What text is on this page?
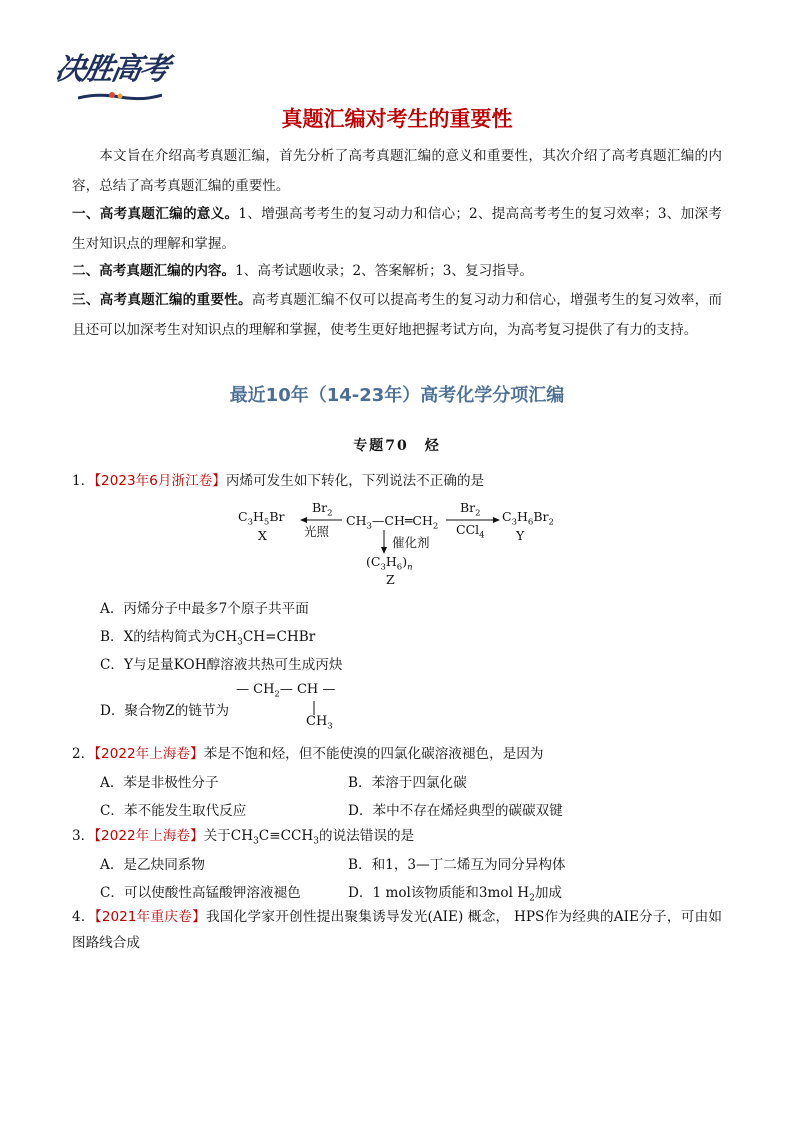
决胜高考
真题汇编对考生的重要性
本文旨在介绍高考真题汇编，首先分析了高考真题汇编的意义和重要性，其次介绍了高考真题汇编的内容，总结了高考真题汇编的重要性。
一、高考真题汇编的意义。1、增强高考考生的复习动力和信心；2、提高高考考生的复习效率；3、加深考生对知识点的理解和掌握。
二、高考真题汇编的内容。1、高考试题收录；2、答案解析；3、复习指导。
三、高考真题汇编的重要性。高考真题汇编不仅可以提高考生的复习动力和信心，增强考生的复习效率，而且还可以加深考生对知识点的理解和掌握，使考生更好地把握考试方向，为高考复习提供了有力的支持。
最近10年（14-23年）高考化学分项汇编
专题70　烃
1．【2023年6月浙江卷】丙烯可发生如下转化，下列说法不正确的是
$C_3H_5Br$
X
$Br_2$
光照
$CH_3—CH═CH_2$
$Br_2$
CCl$_4$
$C_3H_6Br_2$
Y
催化剂
$(C_3H_6)_n$
Z
A．丙烯分子中最多7个原子共平面
B．X的结构简式为$CH_3CH=CHBr$
C．Y与足量KOH醇溶液共热可生成丙炔
D．聚合物Z的链节为
— $CH_2—$ CH —
$CH_3$
2．【2022年上海卷】苯是不饱和烃，但不能使溴的四氯化碳溶液褪色，是因为
A．苯是非极性分子	B．苯溶于四氯化碳
C．苯不能发生取代反应	D．苯中不存在烯烃典型的碳碳双键
3．【2022年上海卷】关于$CH_3C\equiv CCH_3$的说法错误的是
A．是乙炔同系物	B．和1，3—丁二烯互为同分异构体
C．可以使酸性高锰酸钾溶液褪色	D．1 mol该物质能和3mol $H_2$加成
4．【2021年重庆卷】我国化学家开创性提出聚集诱导发光(AIE) 概念， HPS作为经典的AIE分子，可由如图路线合成
